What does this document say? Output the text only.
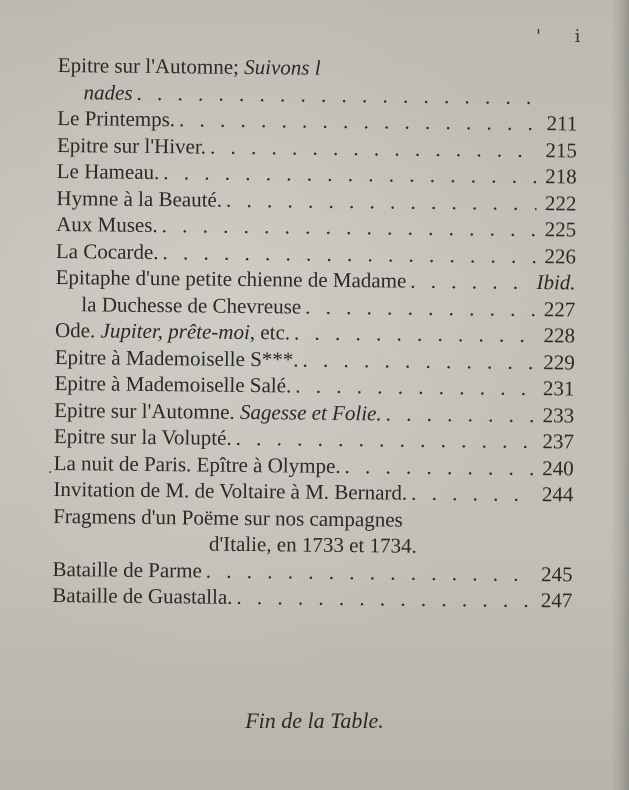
' i
·
Epitre sur l'Automne; Suivons l
nades
. . .
Le Printemps. . . .	211
Epitre sur l'Hiver. . . .	215
Le Hameau. . . .	218
Hymne à la Beauté. . . .	222
Aux Muses. . . .	225
La Cocarde. . . .	226
Epitaphe d'une petite chienne de Madame . . .	Ibid.
la Duchesse de Chevreuse . . .	227
Ode. Jupiter, prête-moi, etc. . . .	228
Epitre à Mademoiselle S***. . . .	229
Epitre à Mademoiselle Salé. . . .	231
Epitre sur l'Automne. Sagesse et Folie. . . .	233
Epitre sur la Volupté. . . .	237
La nuit de Paris. Epître à Olympe. . . .	240
Invitation de M. de Voltaire à M. Bernard. . . .	244
Fragmens d'un Poëme sur nos campagnes
d'Italie, en 1733 et 1734.
Bataille de Parme . . .	245
Bataille de Guastalla. . . .	247
Fin de la Table.
